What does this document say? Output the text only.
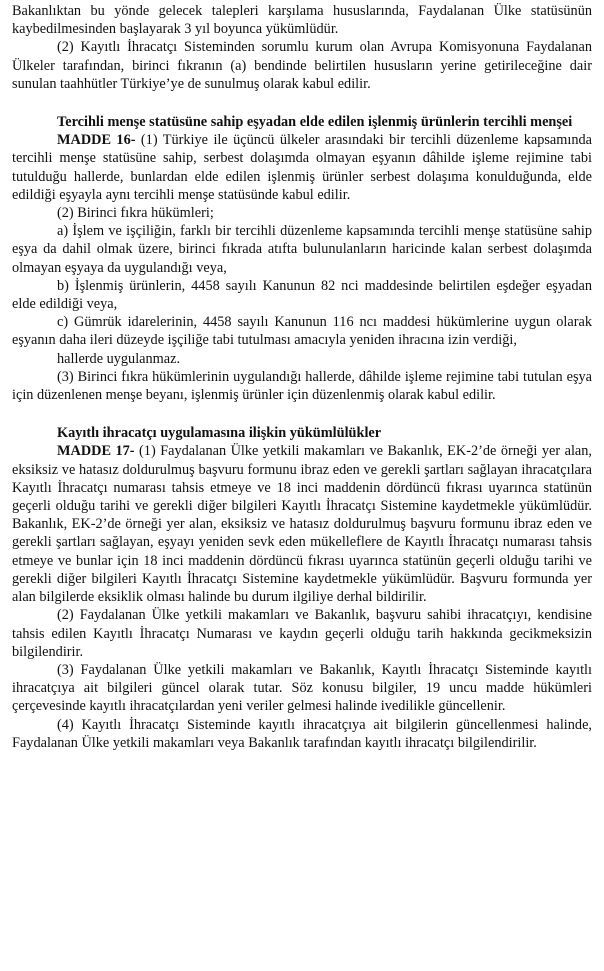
Bakanlıktan bu yönde gelecek talepleri karşılama hususlarında, Faydalanan Ülke statüsünün kaybedilmesinden başlayarak 3 yıl boyunca yükümlüdür.

(2) Kayıtlı İhracatçı Sisteminden sorumlu kurum olan Avrupa Komisyonuna Faydalanan Ülkeler tarafından, birinci fıkranın (a) bendinde belirtilen hususların yerine getirileceğine dair sunulan taahhütler Türkiye’ye de sunulmuş olarak kabul edilir.

Tercihli menşe statüsüne sahip eşyadan elde edilen işlenmiş ürünlerin tercihli menşei

MADDE 16- (1) Türkiye ile üçüncü ülkeler arasındaki bir tercihli düzenleme kapsamında tercihli menşe statüsüne sahip, serbest dolaşımda olmayan eşyanın dâhilde işleme rejimine tabi tutulduğu hallerde, bunlardan elde edilen işlenmiş ürünler serbest dolaşıma konulduğunda, elde edildiği eşyayla aynı tercihli menşe statüsünde kabul edilir.

(2) Birinci fıkra hükümleri;

a) İşlem ve işçiliğin, farklı bir tercihli düzenleme kapsamında tercihli menşe statüsüne sahip eşya da dahil olmak üzere, birinci fıkrada atıfta bulunulanların haricinde kalan serbest dolaşımda olmayan eşyaya da uygulandığı veya,

b) İşlenmiş ürünlerin, 4458 sayılı Kanunun 82 nci maddesinde belirtilen eşdeğer eşyadan elde edildiği veya,

c) Gümrük idarelerinin, 4458 sayılı Kanunun 116 ncı maddesi hükümlerine uygun olarak eşyanın daha ileri düzeyde işçiliğe tabi tutulması amacıyla yeniden ihracına izin verdiği,

hallerde uygulanmaz.

(3) Birinci fıkra hükümlerinin uygulandığı hallerde, dâhilde işleme rejimine tabi tutulan eşya için düzenlenen menşe beyanı, işlenmiş ürünler için düzenlenmiş olarak kabul edilir.

Kayıtlı ihracatçı uygulamasına ilişkin yükümlülükler

MADDE 17- (1) Faydalanan Ülke yetkili makamları ve Bakanlık, EK-2’de örneği yer alan, eksiksiz ve hatasız doldurulmuş başvuru formunu ibraz eden ve gerekli şartları sağlayan ihracatçılara Kayıtlı İhracatçı numarası tahsis etmeye ve 18 inci maddenin dördüncü fıkrası uyarınca statünün geçerli olduğu tarihi ve gerekli diğer bilgileri Kayıtlı İhracatçı Sistemine kaydetmekle yükümlüdür. Bakanlık, EK-2’de örneği yer alan, eksiksiz ve hatasız doldurulmuş başvuru formunu ibraz eden ve gerekli şartları sağlayan, eşyayı yeniden sevk eden mükelleflere de Kayıtlı İhracatçı numarası tahsis etmeye ve bunlar için 18 inci maddenin dördüncü fıkrası uyarınca statünün geçerli olduğu tarihi ve gerekli diğer bilgileri Kayıtlı İhracatçı Sistemine kaydetmekle yükümlüdür. Başvuru formunda yer alan bilgilerde eksiklik olması halinde bu durum ilgiliye derhal bildirilir.

(2) Faydalanan Ülke yetkili makamları ve Bakanlık, başvuru sahibi ihracatçıyı, kendisine tahsis edilen Kayıtlı İhracatçı Numarası ve kaydın geçerli olduğu tarih hakkında gecikmeksizin bilgilendirir.

(3) Faydalanan Ülke yetkili makamları ve Bakanlık, Kayıtlı İhracatçı Sisteminde kayıtlı ihracatçıya ait bilgileri güncel olarak tutar. Söz konusu bilgiler, 19 uncu madde hükümleri çerçevesinde kayıtlı ihracatçılardan yeni veriler gelmesi halinde ivedilikle güncellenir.

(4) Kayıtlı İhracatçı Sisteminde kayıtlı ihracatçıya ait bilgilerin güncellenmesi halinde, Faydalanan Ülke yetkili makamları veya Bakanlık tarafından kayıtlı ihracatçı bilgilendirilir.
